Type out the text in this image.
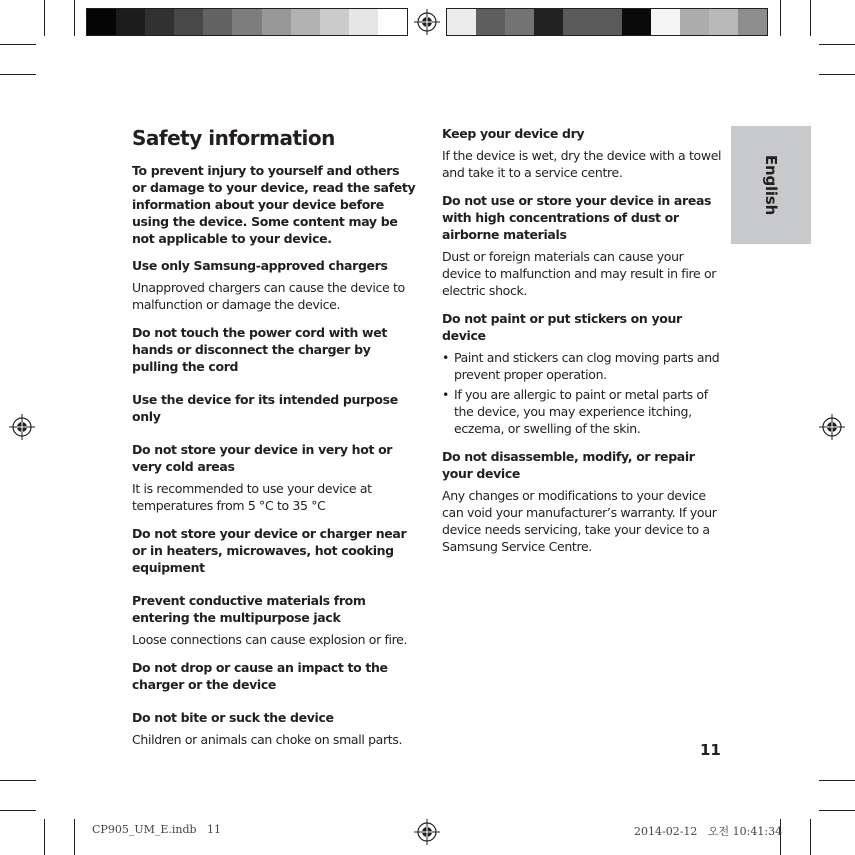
Safety information
To prevent injury to yourself and others or damage to your device, read the safety information about your device before using the device. Some content may be not applicable to your device.
Use only Samsung-approved chargers
Unapproved chargers can cause the device to malfunction or damage the device.
Do not touch the power cord with wet hands or disconnect the charger by pulling the cord
Use the device for its intended purpose only
Do not store your device in very hot or very cold areas
It is recommended to use your device at temperatures from 5 °C to 35 °C
Do not store your device or charger near or in heaters, microwaves, hot cooking equipment
Prevent conductive materials from entering the multipurpose jack
Loose connections can cause explosion or fire.
Do not drop or cause an impact to the charger or the device
Do not bite or suck the device
Children or animals can choke on small parts.
Keep your device dry
If the device is wet, dry the device with a towel and take it to a service centre.
Do not use or store your device in areas with high concentrations of dust or airborne materials
Dust or foreign materials can cause your device to malfunction and may result in fire or electric shock.
Do not paint or put stickers on your device
• Paint and stickers can clog moving parts and prevent proper operation.
• If you are allergic to paint or metal parts of the device, you may experience itching, eczema, or swelling of the skin.
Do not disassemble, modify, or repair your device
Any changes or modifications to your device can void your manufacturer’s warranty. If your device needs servicing, take your device to a Samsung Service Centre.
English
11
CP905_UM_E.indb   11	2014-02-12   오전 10:41:34
